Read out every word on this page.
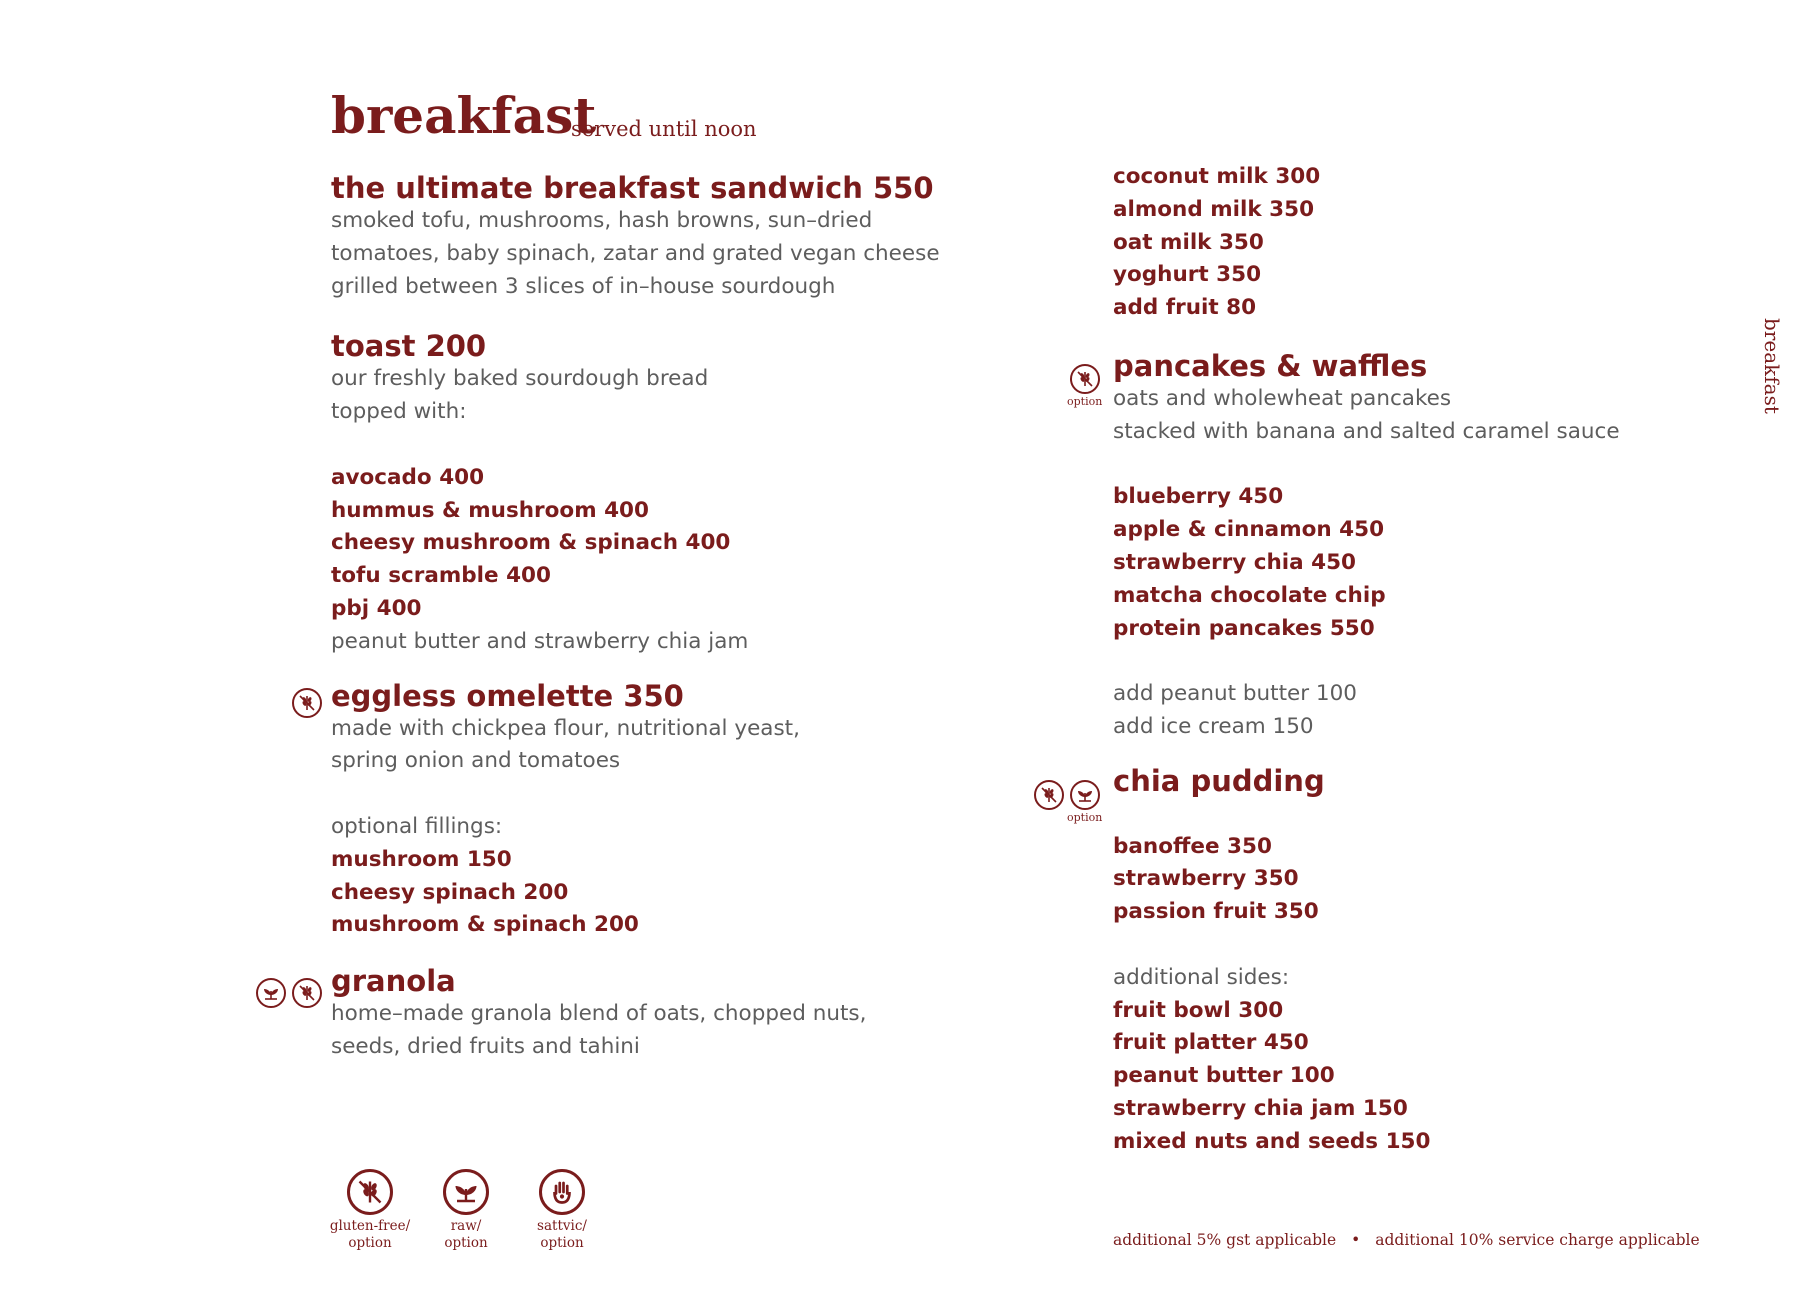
breakfast
served until noon
breakfast
the ultimate breakfast sandwich 550
smoked tofu, mushrooms, hash browns, sun–dried
tomatoes, baby spinach, zatar and grated vegan cheese
grilled between 3 slices of in–house sourdough
toast 200
our freshly baked sourdough bread
topped with:
avocado 400
hummus & mushroom 400
cheesy mushroom & spinach 400
tofu scramble 400
pbj 400
peanut butter and strawberry chia jam
eggless omelette 350
made with chickpea flour, nutritional yeast,
spring onion and tomatoes
optional fillings:
mushroom 150
cheesy spinach 200
mushroom & spinach 200
granola
home–made granola blend of oats, chopped nuts,
seeds, dried fruits and tahini
coconut milk 300
almond milk 350
oat milk 350
yoghurt 350
add fruit 80
pancakes & waffles
oats and wholewheat pancakes
stacked with banana and salted caramel sauce
blueberry 450
apple & cinnamon 450
strawberry chia 450
matcha chocolate chip
protein pancakes 550
add peanut butter 100
add ice cream 150
chia pudding
banoffee 350
strawberry 350
passion fruit 350
additional sides:
fruit bowl 300
fruit platter 450
peanut butter 100
strawberry chia jam 150
mixed nuts and seeds 150
option
option
gluten-free/
option
raw/
option
sattvic/
option	additional 5% gst applicable • additional 10% service charge applicable
